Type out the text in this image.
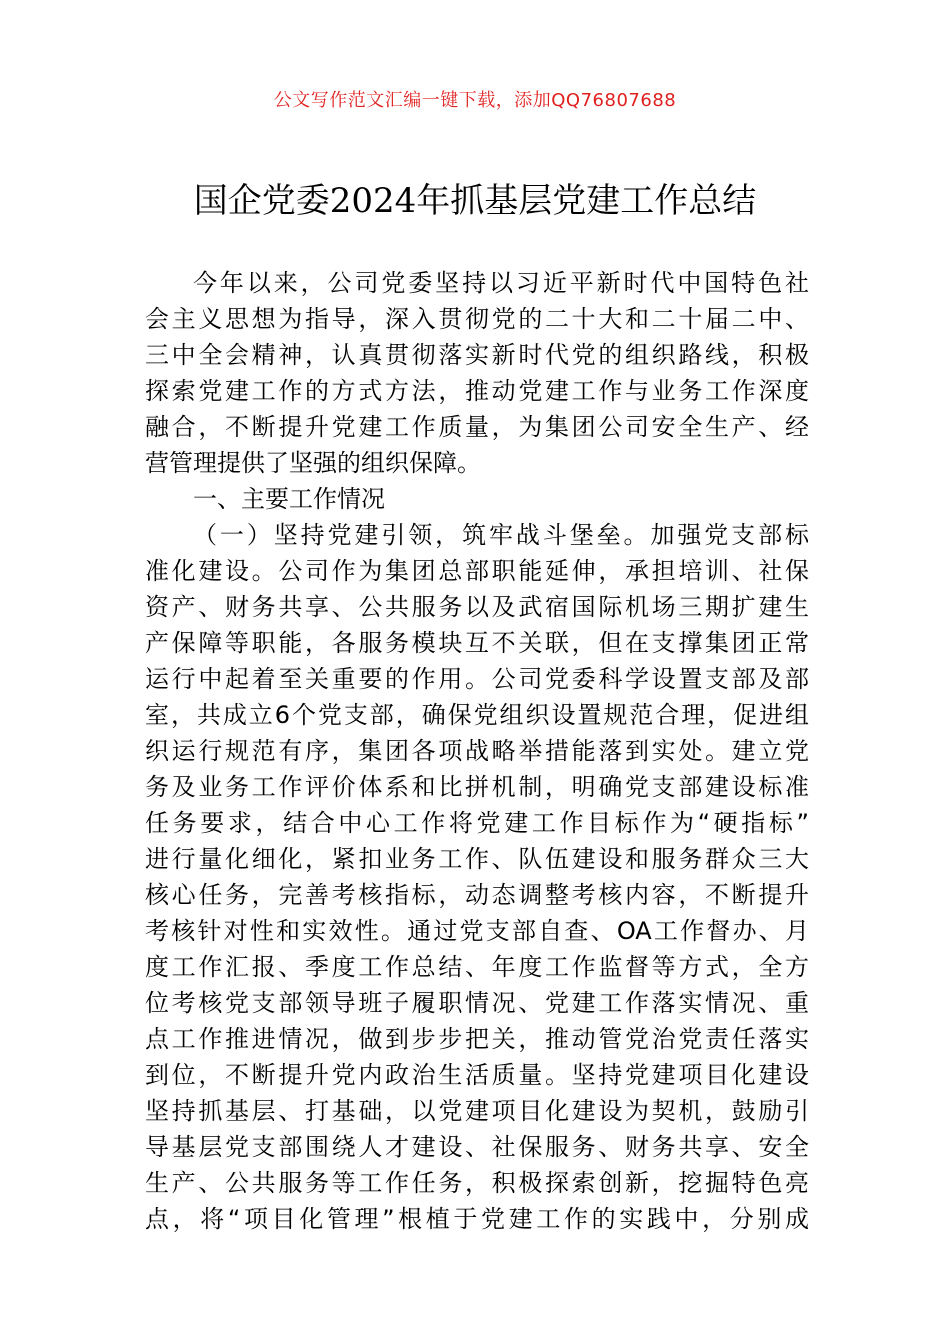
公文写作范文汇编一键下载，添加QQ76807688
国企党委2024年抓基层党建工作总结
今年以来，公司党委坚持以习近平新时代中国特色社
会主义思想为指导，深入贯彻党的二十大和二十届二中、
三中全会精神，认真贯彻落实新时代党的组织路线，积极
探索党建工作的方式方法，推动党建工作与业务工作深度
融合，不断提升党建工作质量，为集团公司安全生产、经
营管理提供了坚强的组织保障。
一、主要工作情况
（一）坚持党建引领，筑牢战斗堡垒。加强党支部标
准化建设。公司作为集团总部职能延伸，承担培训、社保
资产、财务共享、公共服务以及武宿国际机场三期扩建生
产保障等职能，各服务模块互不关联，但在支撑集团正常
运行中起着至关重要的作用。公司党委科学设置支部及部
室，共成立6个党支部，确保党组织设置规范合理，促进组
织运行规范有序，集团各项战略举措能落到实处。建立党
务及业务工作评价体系和比拼机制，明确党支部建设标准
任务要求，结合中心工作将党建工作目标作为“硬指标”
进行量化细化，紧扣业务工作、队伍建设和服务群众三大
核心任务，完善考核指标，动态调整考核内容，不断提升
考核针对性和实效性。通过党支部自查、OA工作督办、月
度工作汇报、季度工作总结、年度工作监督等方式，全方
位考核党支部领导班子履职情况、党建工作落实情况、重
点工作推进情况，做到步步把关，推动管党治党责任落实
到位，不断提升党内政治生活质量。坚持党建项目化建设
坚持抓基层、打基础，以党建项目化建设为契机，鼓励引
导基层党支部围绕人才建设、社保服务、财务共享、安全
生产、公共服务等工作任务，积极探索创新，挖掘特色亮
点，将“项目化管理”根植于党建工作的实践中，分别成
